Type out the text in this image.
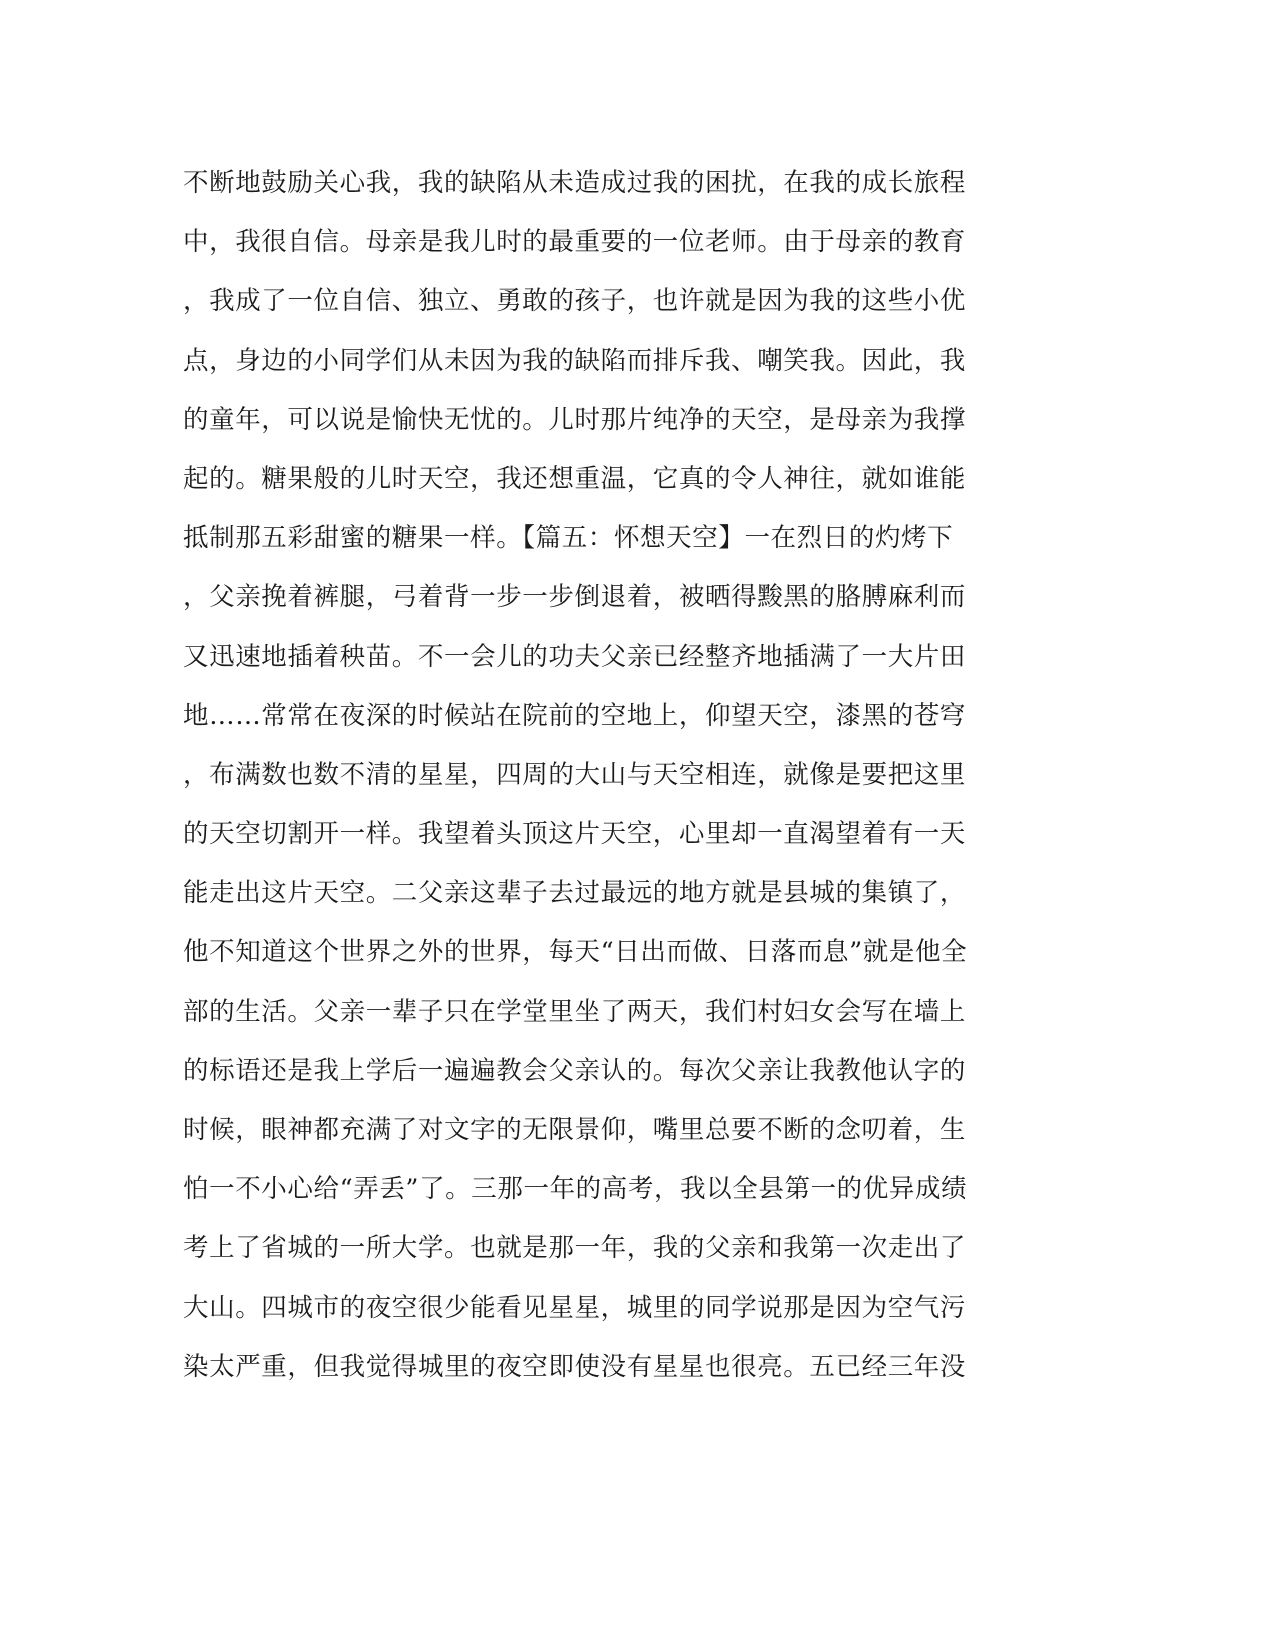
不断地鼓励关心我，我的缺陷从未造成过我的困扰，在我的成长旅程
中，我很自信。母亲是我儿时的最重要的一位老师。由于母亲的教育
，我成了一位自信、独立、勇敢的孩子，也许就是因为我的这些小优
点，身边的小同学们从未因为我的缺陷而排斥我、嘲笑我。因此，我
的童年，可以说是愉快无忧的。儿时那片纯净的天空，是母亲为我撑
起的。糖果般的儿时天空，我还想重温，它真的令人神往，就如谁能
抵制那五彩甜蜜的糖果一样。【篇五：怀想天空】一在烈日的灼烤下
，父亲挽着裤腿，弓着背一步一步倒退着，被晒得黢黑的胳膊麻利而
又迅速地插着秧苗。不一会儿的功夫父亲已经整齐地插满了一大片田
地……常常在夜深的时候站在院前的空地上，仰望天空，漆黑的苍穹
，布满数也数不清的星星，四周的大山与天空相连，就像是要把这里
的天空切割开一样。我望着头顶这片天空，心里却一直渴望着有一天
能走出这片天空。二父亲这辈子去过最远的地方就是县城的集镇了，
他不知道这个世界之外的世界，每天“日出而做、日落而息”就是他全
部的生活。父亲一辈子只在学堂里坐了两天，我们村妇女会写在墙上
的标语还是我上学后一遍遍教会父亲认的。每次父亲让我教他认字的
时候，眼神都充满了对文字的无限景仰，嘴里总要不断的念叨着，生
怕一不小心给“弄丢”了。三那一年的高考，我以全县第一的优异成绩
考上了省城的一所大学。也就是那一年，我的父亲和我第一次走出了
大山。四城市的夜空很少能看见星星，城里的同学说那是因为空气污
染太严重，但我觉得城里的夜空即使没有星星也很亮。五已经三年没
